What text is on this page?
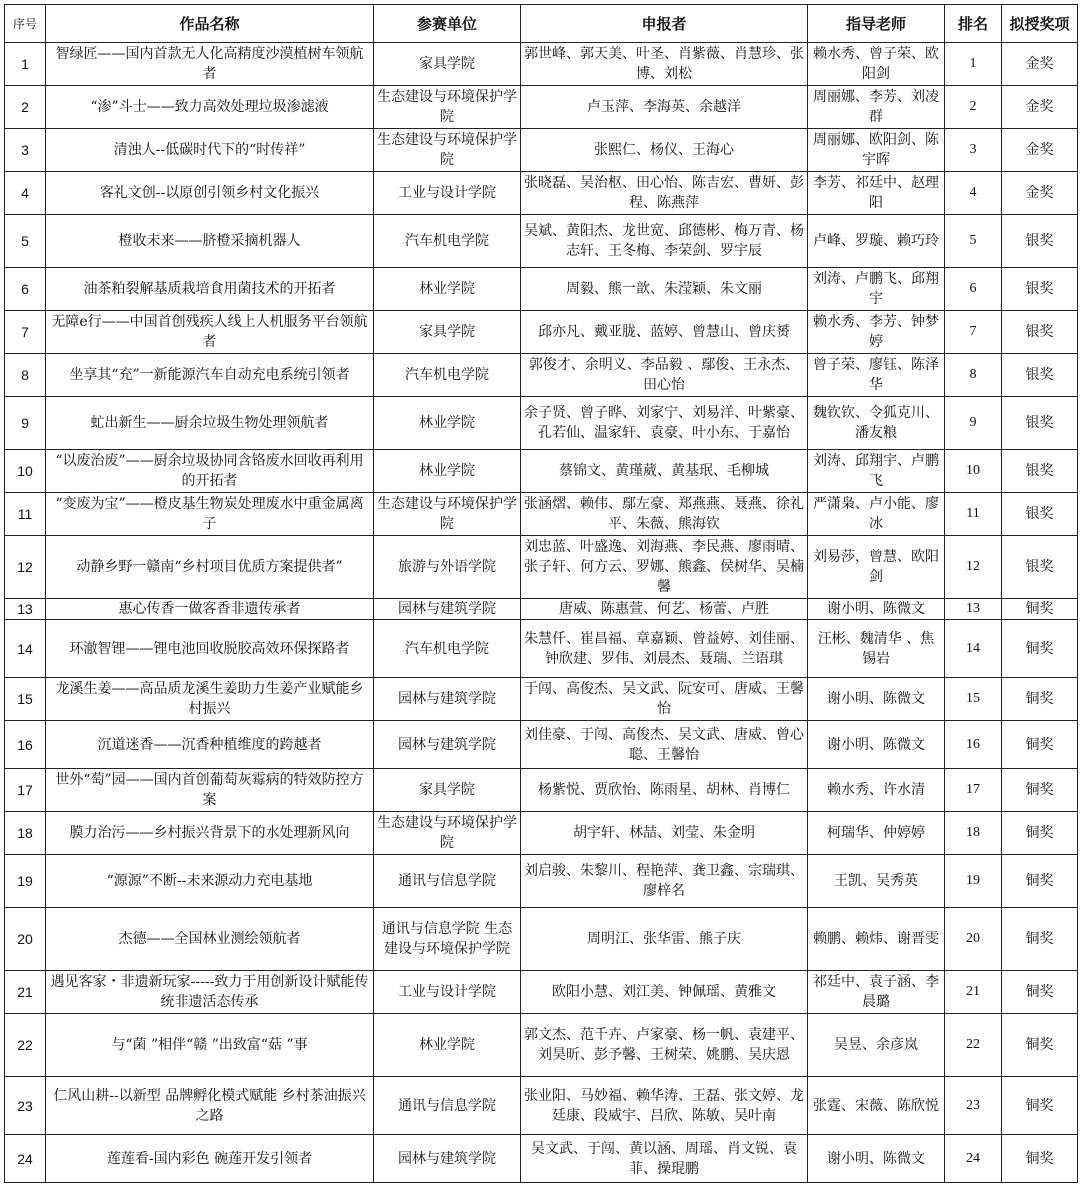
序号	作品名称	参赛单位	申报者	指导老师	排名	拟授奖项
1	智绿匠——国内首款无人化高精度沙漠植树车领航者	家具学院	郭世峰、郭天美、叶圣、肖紫薇、肖慧珍、张博、刘松	赖水秀、曾子荣、欧阳剑	1	金奖
2	“渗”斗士——致力高效处理垃圾渗滤液	生态建设与环境保护学院	卢玉萍、李海英、余越洋	周丽娜、李芳、刘凌群	2	金奖
3	清浊人--低碳时代下的“时传祥”	生态建设与环境保护学院	张熙仁、杨仪、王海心	周丽娜、欧阳剑、陈宇晖	3	金奖
4	客礼文创--以原创引领乡村文化振兴	工业与设计学院	张晓磊、吴治枢、田心怡、陈吉宏、曹妍、彭程、陈燕萍	李芳、祁廷中、赵理阳	4	金奖
5	橙收未来——脐橙采摘机器人	汽车机电学院	吴斌、黄阳杰、龙世宽、邱德彬、梅万青、杨志轩、王冬梅、李荣剑、罗宇辰	卢峰、罗璇、赖巧玲	5	银奖
6	油茶粕裂解基质栽培食用菌技术的开拓者	林业学院	周毅、熊一歆、朱滢颖、朱文丽	刘涛、卢鹏飞、邱翔宇	6	银奖
7	无障e行——中国首创残疾人线上人机服务平台领航者	家具学院	邱亦凡、戴亚胧、蓝婷、曾慧山、曾庆赟	赖水秀、李芳、钟梦婷	7	银奖
8	坐享其“充”一新能源汽车自动充电系统引领者	汽车机电学院	郭俊才、余明义、李品毅 、鄢俊、王永杰、田心怡	曾子荣、廖钰、陈泽华	8	银奖
9	虻出新生——厨余垃圾生物处理领航者	林业学院	余子贤、曾子晔、刘家宁、刘易洋、叶紫豪、孔若仙、温家轩、袁豪、叶小东、于嘉怡	魏钦钦、令狐克川、潘友粮	9	银奖
10	“以废治废”——厨余垃圾协同含铬废水回收再利用的开拓者	林业学院	蔡锦文、黄瑾葳、黄基珉、毛柳城	刘涛、邱翔宇、卢鹏飞	10	银奖
11	“变废为宝”——橙皮基生物炭处理废水中重金属离子	生态建设与环境保护学院	张涵熠、赖伟、鄢左豪、郑燕燕、聂燕、徐礼平、朱薇、熊海钦	严潇枭、卢小能、廖冰	11	银奖
12	动静乡野一赣南“乡村项目优质方案提供者”	旅游与外语学院	刘忠蓝、叶盛逸、刘海燕、李民燕、廖雨晴、张子轩、何方云、罗娜、熊鑫、侯树华、吴楠馨	刘易莎，曾慧、欧阳剑	12	银奖
13	惠心传香一做客香非遗传承者	园林与建筑学院	唐威、陈惠萱、何艺、杨蕾、卢胜	谢小明、陈微文	13	铜奖
14	环澈智锂——锂电池回收脱胶高效环保探路者	汽车机电学院	朱慧仟、崔昌福、章嘉颖、曾益婷、刘佳丽、钟欣建、罗伟、刘晨杰、聂瑞、兰语琪	汪彬、魏清华 、焦锡岩	14	铜奖
15	龙溪生姜——高品质龙溪生姜助力生姜产业赋能乡村振兴	园林与建筑学院	于闯、高俊杰、吴文武、阮安可、唐威、王馨怡	谢小明、陈微文	15	铜奖
16	沉道迷香——沉香种植维度的跨越者	园林与建筑学院	刘佳豪、于闯、高俊杰、吴文武、唐威、曾心聪、王馨怡	谢小明、陈微文	16	铜奖
17	世外“萄”园——国内首创葡萄灰霉病的特效防控方案	家具学院	杨紫悦、贾欣怡、陈雨星、胡林、肖博仁	赖水秀、许水清	17	铜奖
18	膜力治污——乡村振兴背景下的水处理新风向	生态建设与环境保护学院	胡宇轩、林喆、刘莹、朱金明	柯瑞华、仲婷婷	18	铜奖
19	“源源”不断--未来源动力充电基地	通讯与信息学院	刘启骏、朱黎川、程艳萍、龚卫鑫、宗瑞琪、廖梓名	王凯、吴秀英	19	铜奖
20	杰德——全国林业测绘领航者	通讯与信息学院 生态建设与环境保护学院	周明江、张华雷、熊子庆	赖鹏、赖炜、谢晋雯	20	铜奖
21	遇见客家・非遗新玩家-----致力于用创新设计赋能传统非遗活态传承	工业与设计学院	欧阳小慧、刘江美、钟佩瑶、黄雅文	祁廷中、袁子涵、李晨璐	21	铜奖
22	与“菌 ”相伴“赣 ”出致富“菇 ”事	林业学院	郭文杰、范千卉、卢家豪、杨一帆、袁建平、刘昊昕、彭予馨、王树荣、姚鹏、吴庆恩	吴昱、余彦岚	22	铜奖
23	仁风山耕--以新型 品牌孵化模式赋能 乡村茶油振兴之路	通讯与信息学院	张业阳、马妙福、赖华涛、王磊、张文婷、龙廷康、段威宇、吕欣、陈敏、吴叶南	张霆、宋薇、陈欣悦	23	铜奖
24	莲莲看-国内彩色 碗莲开发引领者	园林与建筑学院	吴文武、于闯、黄以涵、周瑶、肖文锐、袁菲、操琨鹏	谢小明、陈微文	24	铜奖
